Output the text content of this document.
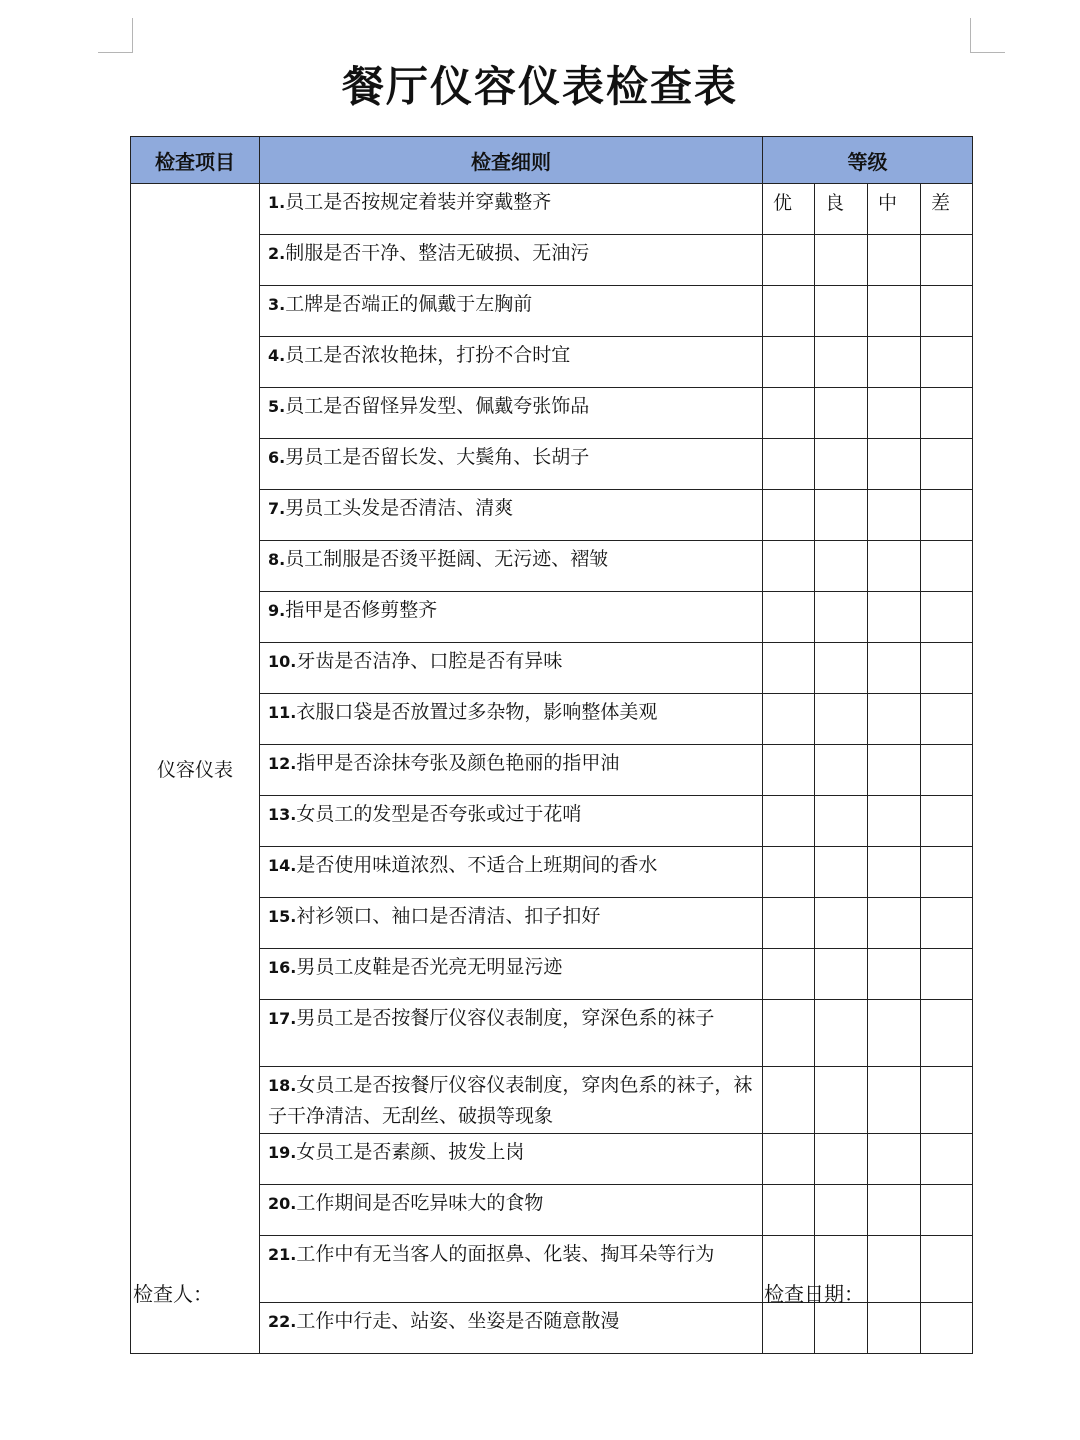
餐厅仪容仪表检查表
检查项目	检查细则	等级			
仪容仪表	1.员工是否按规定着装并穿戴整齐	优	良	中	差
	2.制服是否干净、整洁无破损、无油污				
	3.工牌是否端正的佩戴于左胸前				
	4.员工是否浓妆艳抹，打扮不合时宜				
	5.员工是否留怪异发型、佩戴夸张饰品				
	6.男员工是否留长发、大鬓角、长胡子				
	7.男员工头发是否清洁、清爽				
	8.员工制服是否烫平挺阔、无污迹、褶皱				
	9.指甲是否修剪整齐				
	10.牙齿是否洁净、口腔是否有异味				
	11.衣服口袋是否放置过多杂物，影响整体美观				
	12.指甲是否涂抹夸张及颜色艳丽的指甲油				
	13.女员工的发型是否夸张或过于花哨				
	14.是否使用味道浓烈、不适合上班期间的香水				
	15.衬衫领口、袖口是否清洁、扣子扣好				
	16.男员工皮鞋是否光亮无明显污迹				
	17.男员工是否按餐厅仪容仪表制度，穿深色系的袜子				
	18.女员工是否按餐厅仪容仪表制度，穿肉色系的袜子，袜子干净清洁、无刮丝、破损等现象				
	19.女员工是否素颜、披发上岗				
	20.工作期间是否吃异味大的食物				
	21.工作中有无当客人的面抠鼻、化装、掏耳朵等行为				
	22.工作中行走、站姿、坐姿是否随意散漫				
检查人：	检查日期：
